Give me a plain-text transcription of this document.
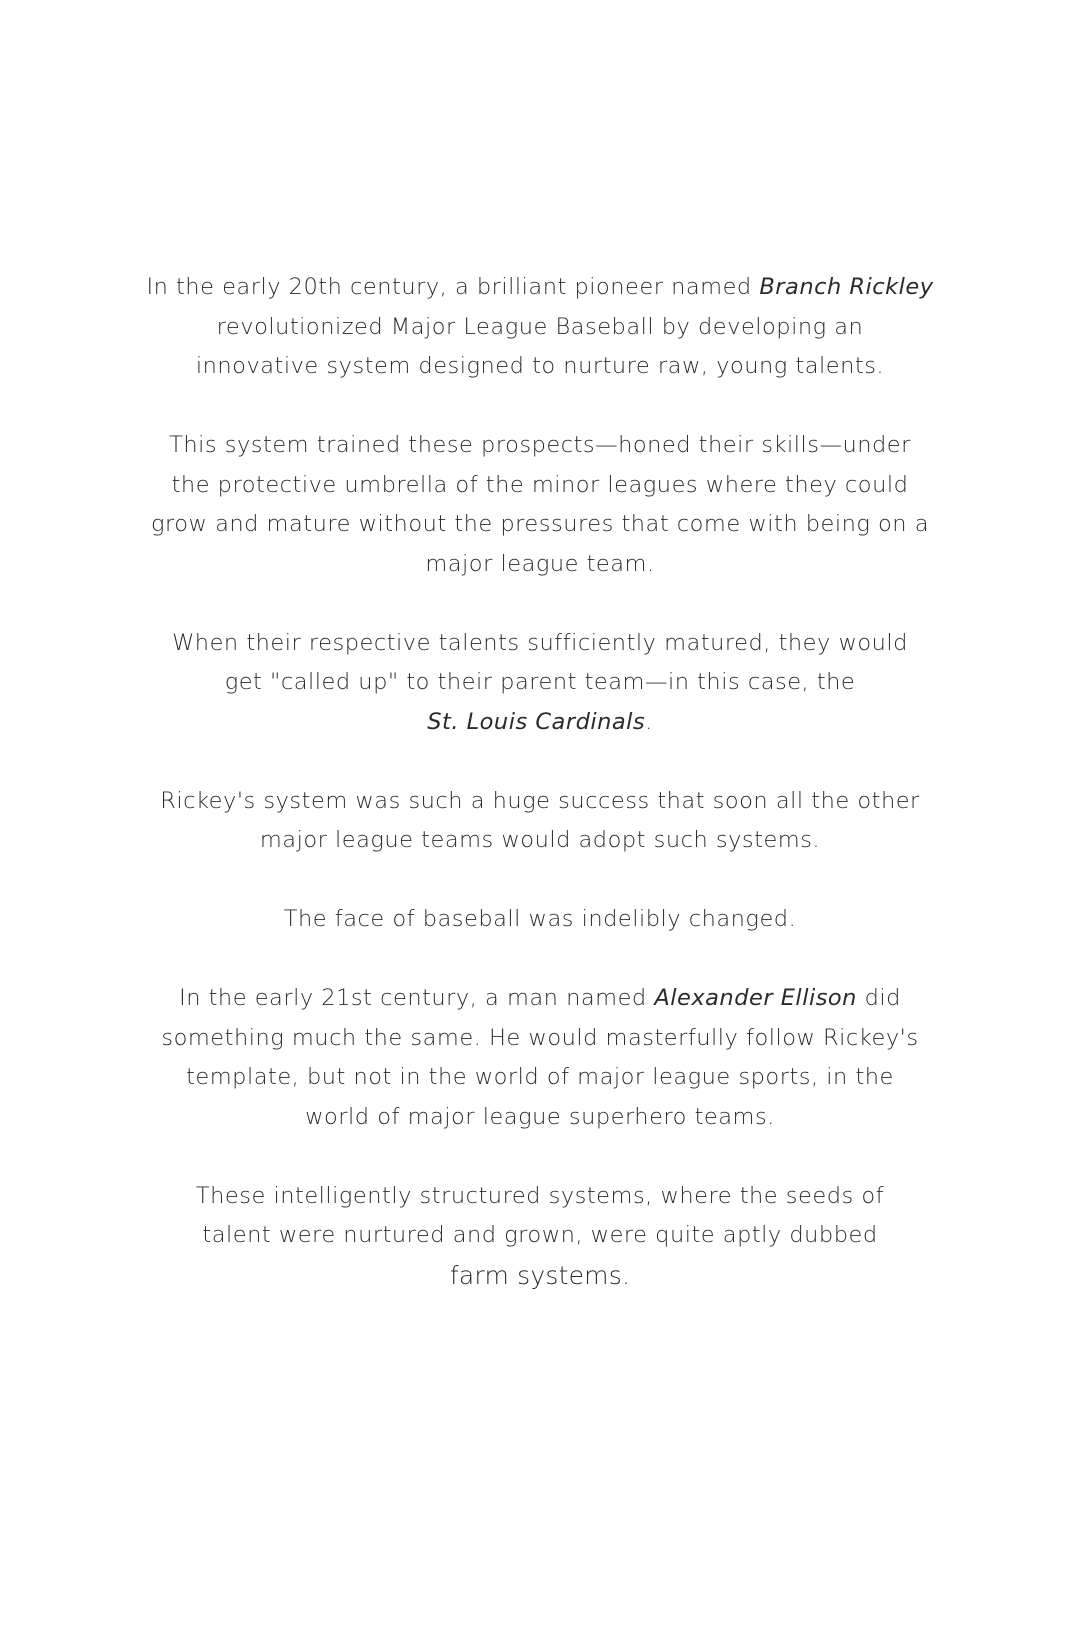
In the early 20th century, a brilliant pioneer named Branch Rickley
revolutionized Major League Baseball by developing an
innovative system designed to nurture raw, young talents.

This system trained these prospects—honed their skills—under
the protective umbrella of the minor leagues where they could
grow and mature without the pressures that come with being on a
major league team.

When their respective talents sufficiently matured, they would
get "called up" to their parent team—in this case, the
St. Louis Cardinals.

Rickey's system was such a huge success that soon all the other
major league teams would adopt such systems.

The face of baseball was indelibly changed.

In the early 21st century, a man named Alexander Ellison did
something much the same. He would masterfully follow Rickey's
template, but not in the world of major league sports, in the
world of major league superhero teams.

These intelligently structured systems, where the seeds of
talent were nurtured and grown, were quite aptly dubbed
farm systems.
